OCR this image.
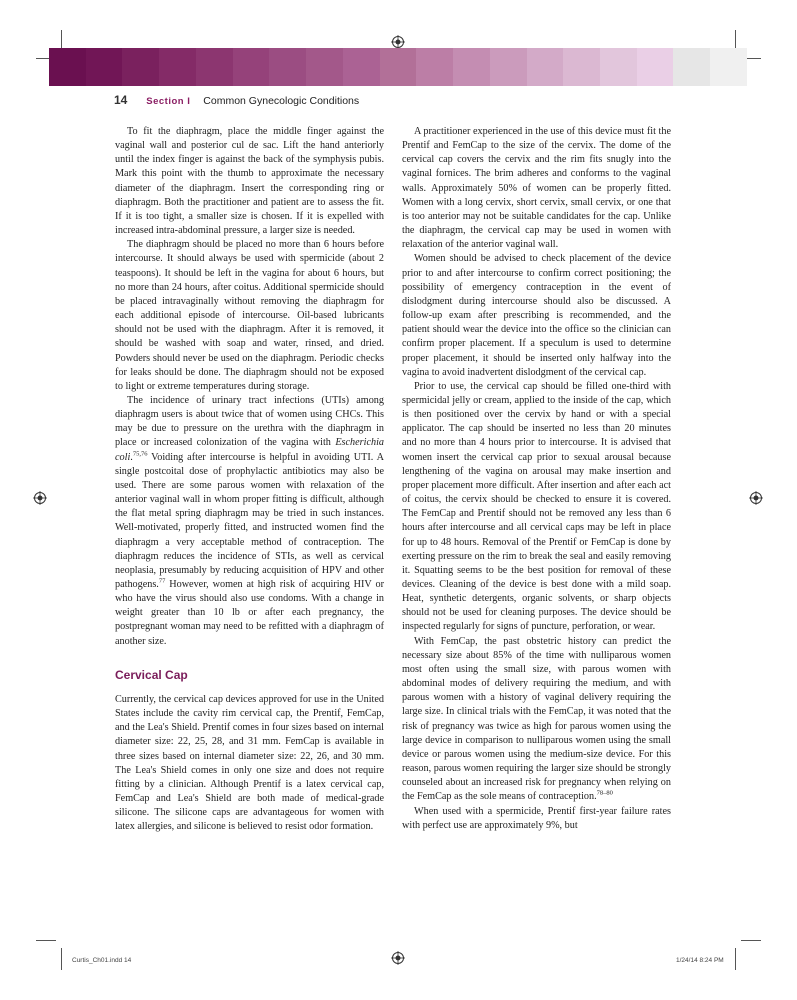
14 Section I Common Gynecologic Conditions

To fit the diaphragm, place the middle finger against the vaginal wall and posterior cul de sac. Lift the hand anteriorly until the index finger is against the back of the symphysis pubis. Mark this point with the thumb to approximate the necessary diameter of the diaphragm. Insert the corresponding ring or diaphragm. Both the practitioner and patient are to assess the fit. If it is too tight, a smaller size is chosen. If it is expelled with increased intra-abdominal pressure, a larger size is needed.

The diaphragm should be placed no more than 6 hours before intercourse. It should always be used with spermicide (about 2 teaspoons). It should be left in the vagina for about 6 hours, but no more than 24 hours, after coitus. Additional spermicide should be placed intravaginally without removing the diaphragm for each additional episode of intercourse. Oil-based lubricants should not be used with the diaphragm. After it is removed, it should be washed with soap and water, rinsed, and dried. Powders should never be used on the diaphragm. Periodic checks for leaks should be done. The diaphragm should not be exposed to light or extreme temperatures during storage.

The incidence of urinary tract infections (UTIs) among diaphragm users is about twice that of women using CHCs. This may be due to pressure on the urethra with the diaphragm in place or increased colonization of the vagina with Escherichia coli.$^{75,76}$ Voiding after intercourse is helpful in avoiding UTI. A single postcoital dose of prophylactic antibiotics may also be used. There are some parous women with relaxation of the anterior vaginal wall in whom proper fitting is difficult, although the flat metal spring diaphragm may be tried in such instances. Well-motivated, properly fitted, and instructed women find the diaphragm a very acceptable method of contraception. The diaphragm reduces the incidence of STIs, as well as cervical neoplasia, presumably by reducing acquisition of HPV and other pathogens.$^{77}$ However, women at high risk of acquiring HIV or who have the virus should also use condoms. With a change in weight greater than 10 lb or after each pregnancy, the postpregnant woman may need to be refitted with a diaphragm of another size.

Cervical Cap

Currently, the cervical cap devices approved for use in the United States include the cavity rim cervical cap, the Prentif, FemCap, and the Lea's Shield. Prentif comes in four sizes based on internal diameter size: 22, 25, 28, and 31 mm. FemCap is available in three sizes based on internal diameter size: 22, 26, and 30 mm. The Lea's Shield comes in only one size and does not require fitting by a clinician. Although Prentif is a latex cervical cap, FemCap and Lea's Shield are both made of medical-grade silicone. The silicone caps are advantageous for women with latex allergies, and silicone is believed to resist odor formation.

A practitioner experienced in the use of this device must fit the Prentif and FemCap to the size of the cervix. The dome of the cervical cap covers the cervix and the rim fits snugly into the vaginal fornices. The brim adheres and conforms to the vaginal walls. Approximately 50% of women can be properly fitted. Women with a long cervix, short cervix, small cervix, or one that is too anterior may not be suitable candidates for the cap. Unlike the diaphragm, the cervical cap may be used in women with relaxation of the anterior vaginal wall.

Women should be advised to check placement of the device prior to and after intercourse to confirm correct positioning; the possibility of emergency contraception in the event of dislodgment during intercourse should also be discussed. A follow-up exam after prescribing is recommended, and the patient should wear the device into the office so the clinician can confirm proper placement. If a speculum is used to determine proper placement, it should be inserted only halfway into the vagina to avoid inadvertent dislodgment of the cervical cap.

Prior to use, the cervical cap should be filled one-third with spermicidal jelly or cream, applied to the inside of the cap, which is then positioned over the cervix by hand or with a special applicator. The cap should be inserted no less than 20 minutes and no more than 4 hours prior to intercourse. It is advised that women insert the cervical cap prior to sexual arousal because lengthening of the vagina on arousal may make insertion and proper placement more difficult. After insertion and after each act of coitus, the cervix should be checked to ensure it is covered. The FemCap and Prentif should not be removed any less than 6 hours after intercourse and all cervical caps may be left in place for up to 48 hours. Removal of the Prentif or FemCap is done by exerting pressure on the rim to break the seal and easily removing it. Squatting seems to be the best position for removal of these devices. Cleaning of the device is best done with a mild soap. Heat, synthetic detergents, organic solvents, or sharp objects should not be used for cleaning purposes. The device should be inspected regularly for signs of puncture, perforation, or wear.

With FemCap, the past obstetric history can predict the necessary size about 85% of the time with nulliparous women most often using the small size, with parous women with abdominal modes of delivery requiring the medium, and with parous women with a history of vaginal delivery requiring the large size. In clinical trials with the FemCap, it was noted that the risk of pregnancy was twice as high for parous women using the large device in comparison to nulliparous women using the small device or parous women using the medium-size device. For this reason, parous women requiring the larger size should be strongly counseled about an increased risk for pregnancy when relying on the FemCap as the sole means of contraception.$^{78-80}$

When used with a spermicide, Prentif first-year failure rates with perfect use are approximately 9%, but

Curtis_Ch01.indd 14	1/24/14 8:24 PM
